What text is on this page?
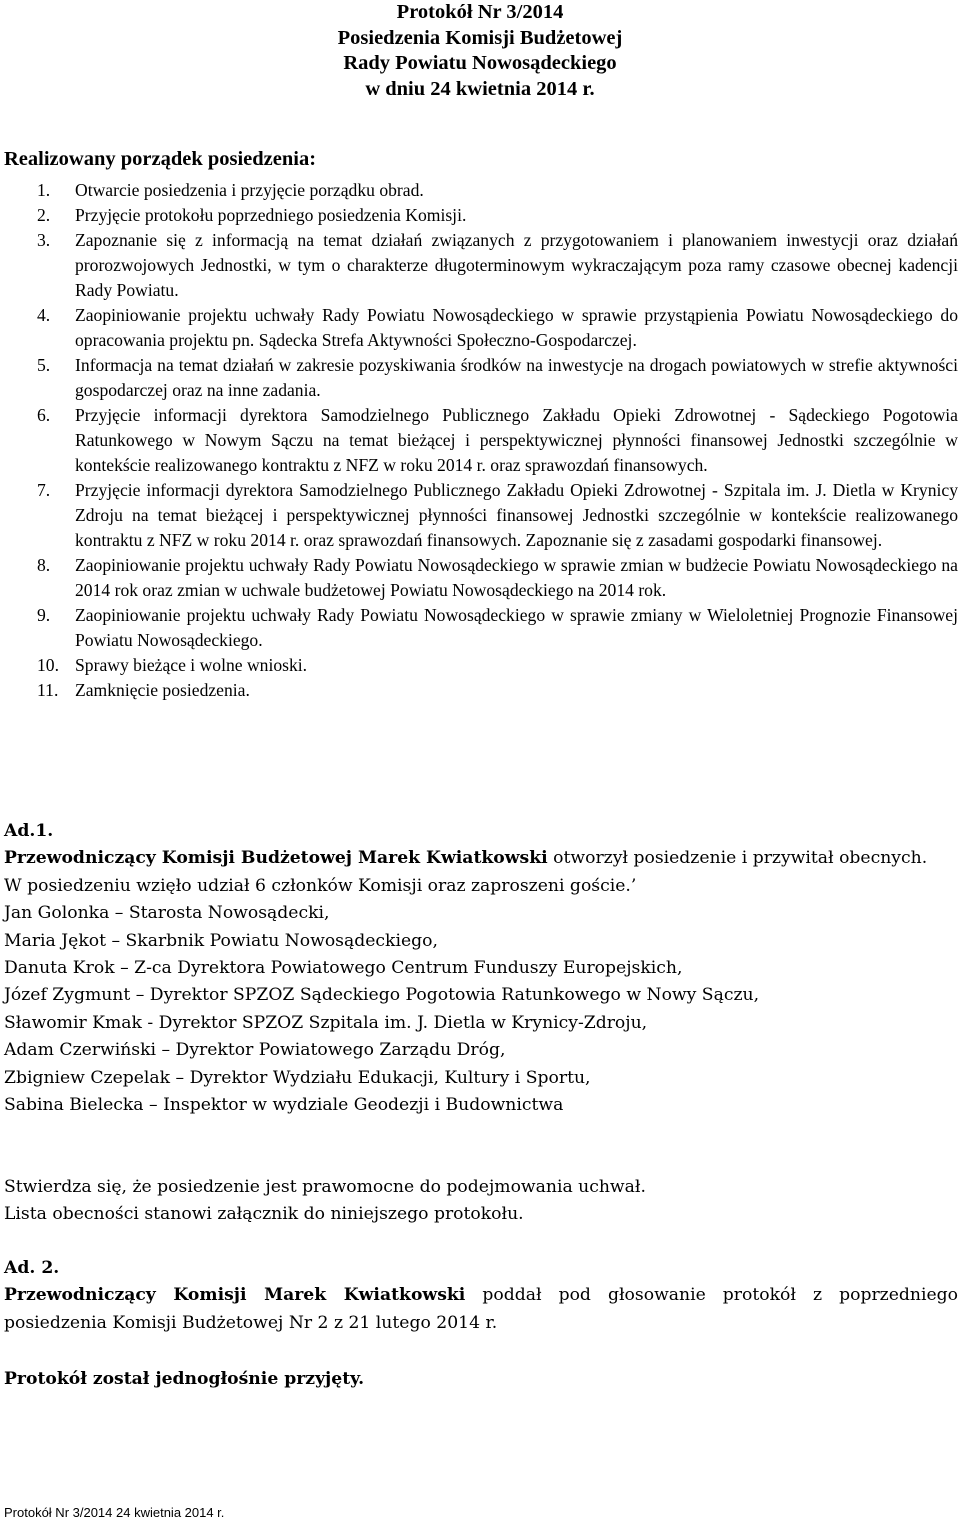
Protokół Nr 3/2014
Posiedzenia Komisji Budżetowej
Rady Powiatu Nowosądeckiego
w dniu 24 kwietnia 2014 r.
Realizowany porządek posiedzenia:
1.	Otwarcie posiedzenia i przyjęcie porządku obrad.
2.	Przyjęcie protokołu poprzedniego posiedzenia Komisji.
3.	Zapoznanie się z informacją na temat działań związanych z przygotowaniem i planowaniem inwestycji oraz działań prorozwojowych Jednostki, w tym o charakterze długoterminowym wykraczającym poza ramy czasowe obecnej kadencji Rady Powiatu.
4.	Zaopiniowanie projektu uchwały Rady Powiatu Nowosądeckiego w sprawie przystąpienia Powiatu Nowosądeckiego do opracowania projektu pn. Sądecka Strefa Aktywności Społeczno-Gospodarczej.
5.	Informacja na temat działań w zakresie pozyskiwania środków na inwestycje na drogach powiatowych w strefie aktywności gospodarczej oraz na inne zadania.
6.	Przyjęcie informacji dyrektora Samodzielnego Publicznego Zakładu Opieki Zdrowotnej - Sądeckiego Pogotowia Ratunkowego w Nowym Sączu na temat bieżącej i perspektywicznej płynności finansowej Jednostki szczególnie w kontekście realizowanego kontraktu z NFZ w roku 2014 r. oraz sprawozdań finansowych.
7.	Przyjęcie informacji dyrektora Samodzielnego Publicznego Zakładu Opieki Zdrowotnej - Szpitala im. J. Dietla w Krynicy Zdroju na temat bieżącej i perspektywicznej płynności finansowej Jednostki szczególnie w kontekście realizowanego kontraktu z NFZ w roku 2014 r. oraz sprawozdań finansowych. Zapoznanie się z zasadami gospodarki finansowej.
8.	Zaopiniowanie projektu uchwały Rady Powiatu Nowosądeckiego w sprawie zmian w budżecie Powiatu Nowosądeckiego na 2014 rok oraz zmian w uchwale budżetowej Powiatu Nowosądeckiego na 2014 rok.
9.	Zaopiniowanie projektu uchwały Rady Powiatu Nowosądeckiego w sprawie zmiany w Wieloletniej Prognozie Finansowej Powiatu Nowosądeckiego.
10. Sprawy bieżące i wolne wnioski.
11. Zamknięcie posiedzenia.

Ad.1.

Przewodniczący Komisji Budżetowej Marek Kwiatkowski otworzył posiedzenie i przywitał obecnych.

W posiedzeniu wzięło udział 6 członków Komisji oraz zaproszeni goście.’

Jan Golonka – Starosta Nowosądecki,

Maria Jękot – Skarbnik Powiatu Nowosądeckiego,

Danuta Krok – Z-ca Dyrektora Powiatowego Centrum Funduszy Europejskich,

Józef Zygmunt – Dyrektor SPZOZ Sądeckiego Pogotowia Ratunkowego w Nowy Sączu,

Sławomir Kmak - Dyrektor SPZOZ Szpitala im. J. Dietla w Krynicy-Zdroju,

Adam Czerwiński – Dyrektor Powiatowego Zarządu Dróg,

Zbigniew Czepelak – Dyrektor Wydziału Edukacji, Kultury i Sportu,

Sabina Bielecka – Inspektor w wydziale Geodezji i Budownictwa

Stwierdza się, że posiedzenie jest prawomocne do podejmowania uchwał.

Lista obecności stanowi załącznik do niniejszego protokołu.

Ad. 2.

Przewodniczący Komisji Marek Kwiatkowski poddał pod głosowanie protokół z poprzedniego posiedzenia Komisji Budżetowej Nr 2 z 21 lutego 2014 r.

Protokół został jednogłośnie przyjęty.

Protokół Nr 3/2014 24 kwietnia 2014 r.
